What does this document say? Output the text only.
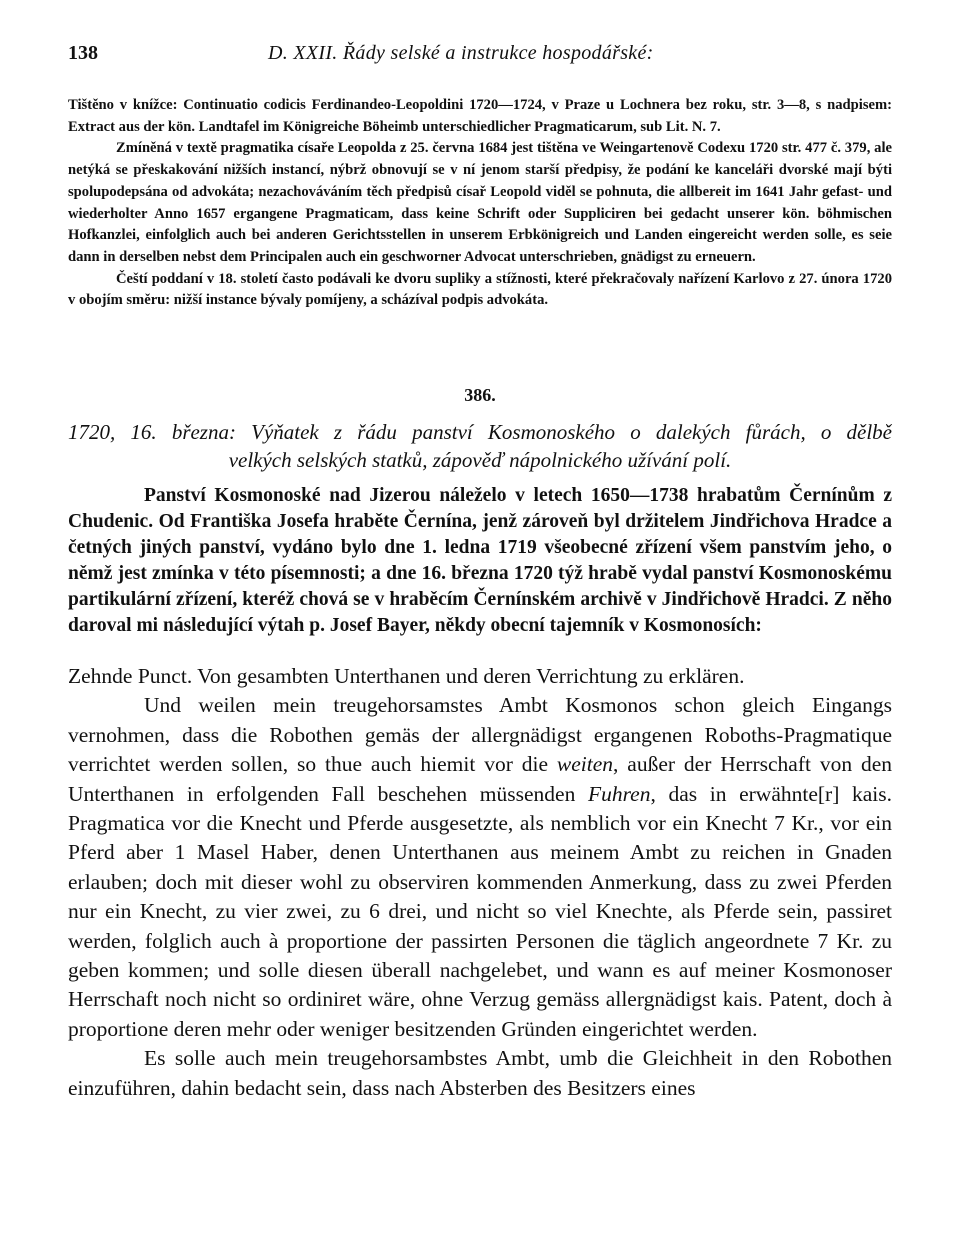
138	D. XXII. Řády selské a instrukce hospodářské:

Tištěno v knížce: Continuatio codicis Ferdinandeo-Leopoldini 1720—1724, v Praze u Lochnera bez roku, str. 3—8, s nadpisem: Extract aus der kön. Landtafel im Königreiche Böheimb unterschiedlicher Pragmaticarum, sub Lit. N. 7.

Zmíněná v textě pragmatika císaře Leopolda z 25. června 1684 jest tištěna ve Weingartenově Codexu 1720 str. 477 č. 379, ale netýká se přeskakování nižších instancí, nýbrž obnovují se v ní jenom starší předpisy, že podání ke kanceláři dvorské mají býti spolupodepsána od advokáta; nezachováváním těch předpisů císař Leopold viděl se pohnuta, die allbereit im 1641 Jahr gefast- und wiederholter Anno 1657 ergangene Pragmaticam, dass keine Schrift oder Suppliciren bei gedacht unserer kön. böhmischen Hofkanzlei, einfolglich auch bei anderen Gerichtsstellen in unserem Erbkönigreich und Landen eingereicht werden solle, es seie dann in derselben nebst dem Principalen auch ein geschworner Advocat unterschrieben, gnädigst zu erneuern.

Čeští poddaní v 18. století často podávali ke dvoru supliky a stížnosti, které překračovaly nařízení Karlovo z 27. února 1720 v obojím směru: nižší instance bývaly pomíjeny, a scházíval podpis advokáta.

386.
1720, 16. března: Výňatek z řádu panství Kosmonoského o dalekých fůrách, o dělbě
velkých selských statků, zápověď nápolnického užívání polí.

Panství Kosmonoské nad Jizerou náleželo v letech 1650—1738 hrabatům Černínům z Chudenic. Od Františka Josefa hraběte Černína, jenž zároveň byl držitelem Jindřichova Hradce a četných jiných panství, vydáno bylo dne 1. ledna 1719 všeobecné zřízení všem panstvím jeho, o němž jest zmínka v této písemnosti; a dne 16. března 1720 týž hrabě vydal panství Kosmonoskému partikulární zřízení, kteréž chová se v hraběcím Černínském archivě v Jindřichově Hradci. Z něho daroval mi následující výtah p. Josef Bayer, někdy obecní tajemník v Kosmonosích:

Zehnde Punct. Von gesambten Unterthanen und deren Verrichtung zu erklären.

Und weilen mein treugehorsamstes Ambt Kosmonos schon gleich Eingangs vernohmen, dass die Robothen gemäs der allergnädigst ergangenen Roboths-Pragmatique verrichtet werden sollen, so thue auch hiemit vor die weiten, außer der Herrschaft von den Unterthanen in erfolgenden Fall beschehen müssenden Fuhren, das in erwähnte[r] kais. Pragmatica vor die Knecht und Pferde ausgesetzte, als nemblich vor ein Knecht 7 Kr., vor ein Pferd aber 1 Masel Haber, denen Unterthanen aus meinem Ambt zu reichen in Gnaden erlauben; doch mit dieser wohl zu observiren kommenden Anmerkung, dass zu zwei Pferden nur ein Knecht, zu vier zwei, zu 6 drei, und nicht so viel Knechte, als Pferde sein, passiret werden, folglich auch à proportione der passirten Personen die täglich angeordnete 7 Kr. zu geben kommen; und solle diesen überall nachgelebet, und wann es auf meiner Kosmonoser Herrschaft noch nicht so ordiniret wäre, ohne Verzug gemäss allergnädigst kais. Patent, doch à proportione deren mehr oder weniger besitzenden Gründen eingerichtet werden.

Es solle auch mein treugehorsambstes Ambt, umb die Gleichheit in den Robothen einzuführen, dahin bedacht sein, dass nach Absterben des Besitzers eines
